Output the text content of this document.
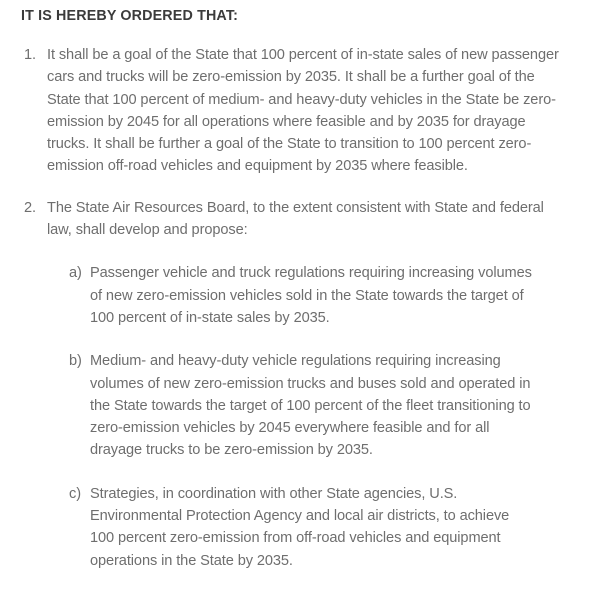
IT IS HEREBY ORDERED THAT:
1. It shall be a goal of the State that 100 percent of in-state sales of new passenger cars and trucks will be zero-emission by 2035. It shall be a further goal of the State that 100 percent of medium- and heavy-duty vehicles in the State be zero-emission by 2045 for all operations where feasible and by 2035 for drayage trucks. It shall be further a goal of the State to transition to 100 percent zero-emission off-road vehicles and equipment by 2035 where feasible.
2. The State Air Resources Board, to the extent consistent with State and federal law, shall develop and propose:
a) Passenger vehicle and truck regulations requiring increasing volumes of new zero-emission vehicles sold in the State towards the target of 100 percent of in-state sales by 2035.
b) Medium- and heavy-duty vehicle regulations requiring increasing volumes of new zero-emission trucks and buses sold and operated in the State towards the target of 100 percent of the fleet transitioning to zero-emission vehicles by 2045 everywhere feasible and for all drayage trucks to be zero-emission by 2035.
c) Strategies, in coordination with other State agencies, U.S. Environmental Protection Agency and local air districts, to achieve 100 percent zero-emission from off-road vehicles and equipment operations in the State by 2035.
